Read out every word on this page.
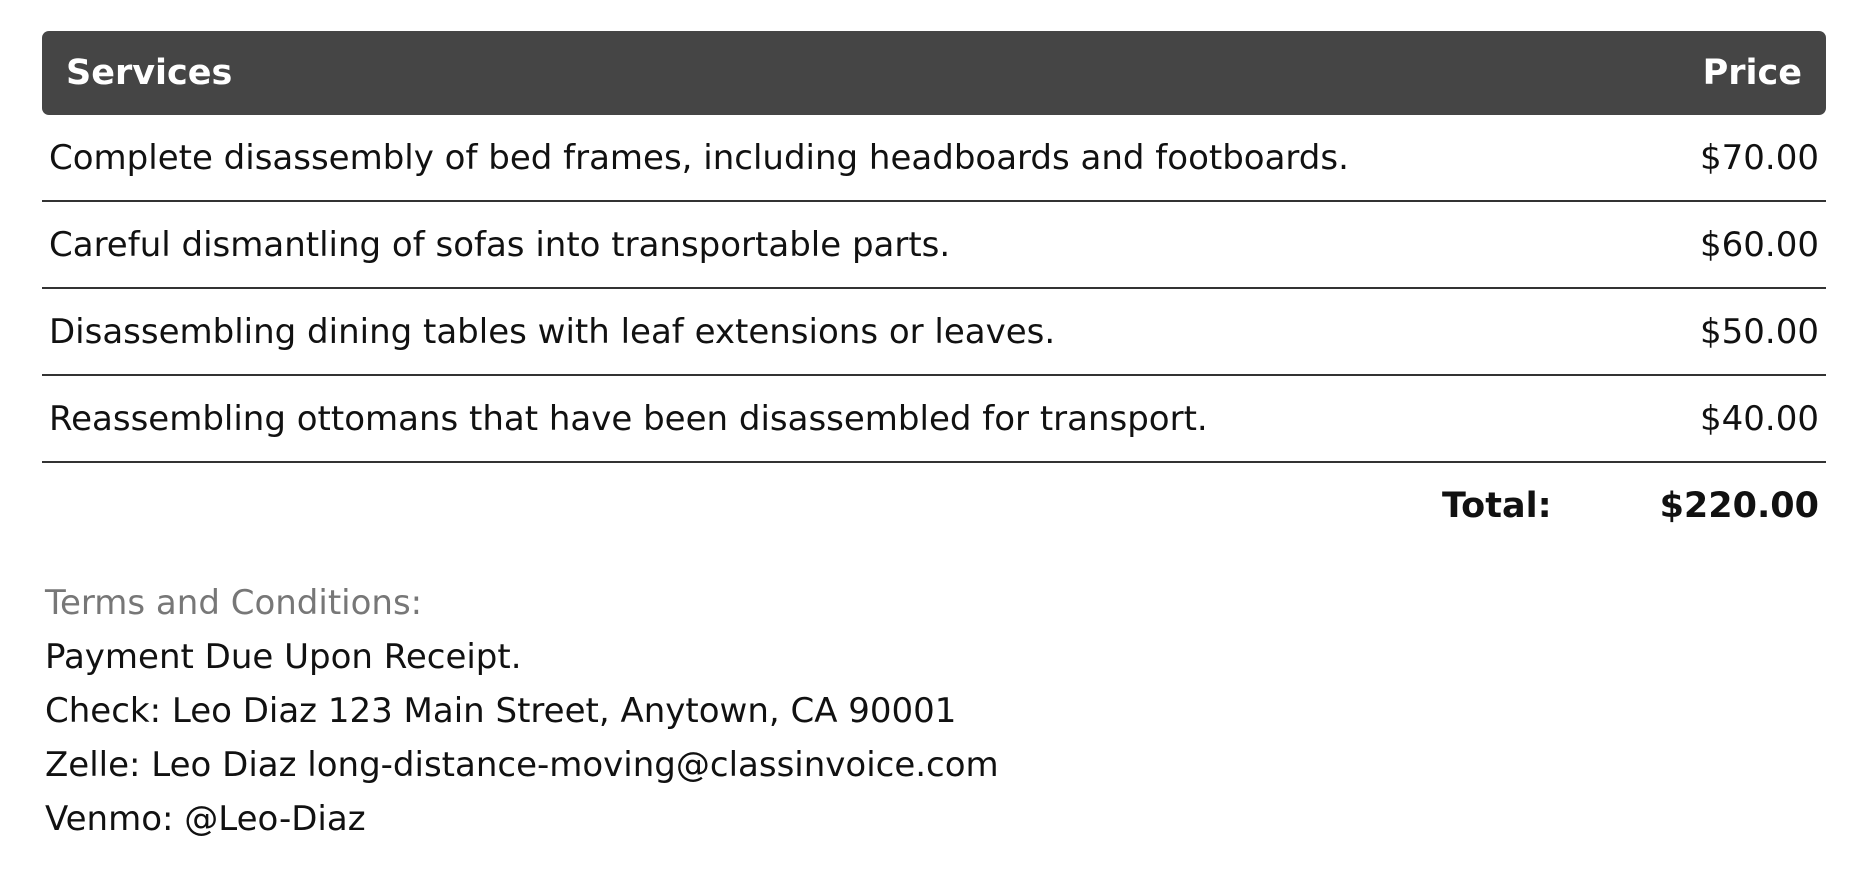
Services	Price
Complete disassembly of bed frames, including headboards and footboards.	$70.00
Careful dismantling of sofas into transportable parts.	$60.00
Disassembling dining tables with leaf extensions or leaves.	$50.00
Reassembling ottomans that have been disassembled for transport.	$40.00
Total:	$220.00
Terms and Conditions:
Payment Due Upon Receipt.
Check: Leo Diaz 123 Main Street, Anytown, CA 90001
Zelle: Leo Diaz long-distance-moving@classinvoice.com
Venmo: @Leo-Diaz
